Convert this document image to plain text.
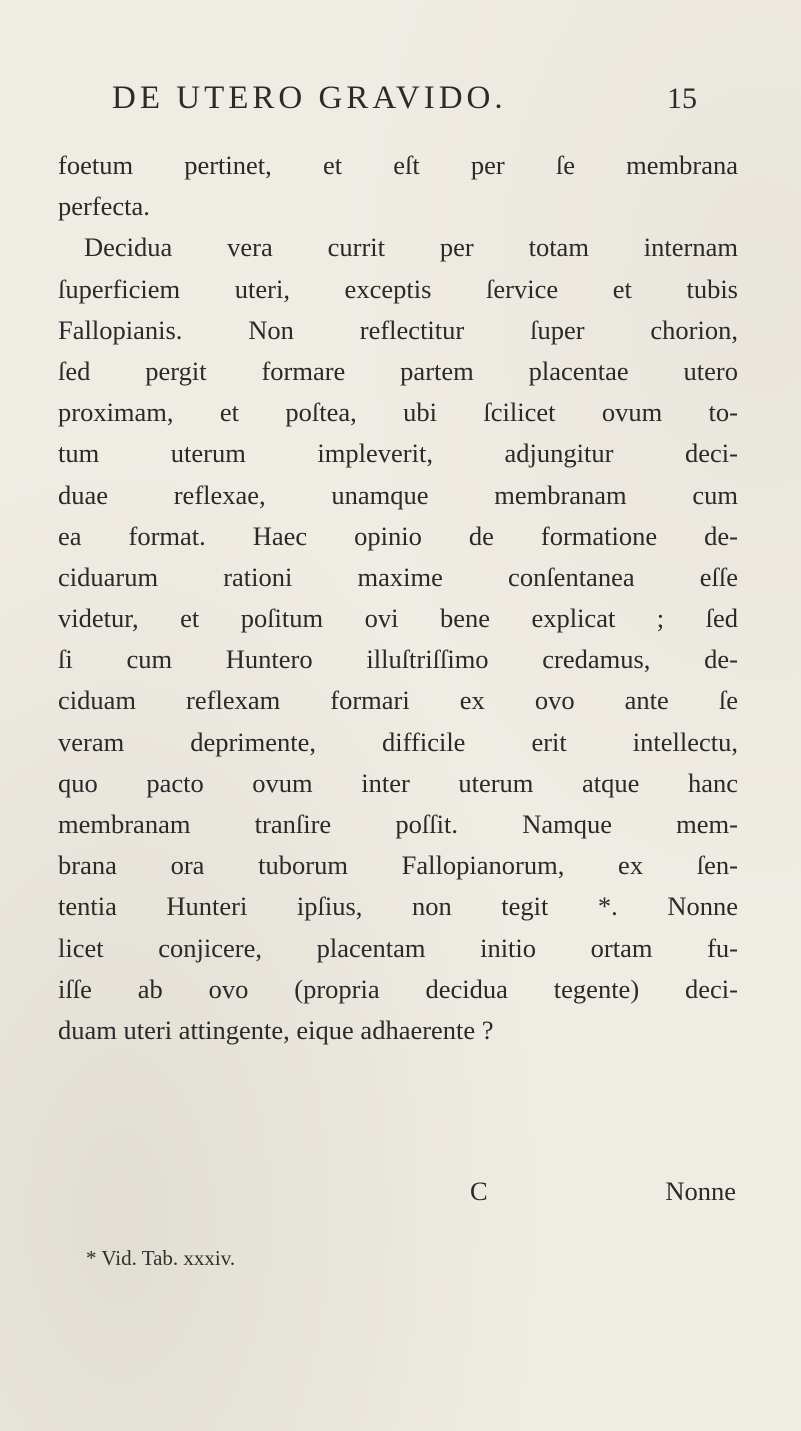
DE UTERO GRAVIDO.	15
foetum pertinet, et eſt per ſe membrana
perfecta.
Decidua vera currit per totam internam
ſuperficiem uteri, exceptis ſervice et tubis
Fallopianis. Non reflectitur ſuper chorion,
ſed pergit formare partem placentae utero
proximam, et poſtea, ubi ſcilicet ovum to-
tum uterum impleverit, adjungitur deci-
duae reflexae, unamque membranam cum
ea format. Haec opinio de formatione de-
ciduarum rationi maxime conſentanea eſſe
videtur, et poſitum ovi bene explicat ; ſed
ſi cum Huntero illuſtriſſimo credamus, de-
ciduam reflexam formari ex ovo ante ſe
veram deprimente, difficile erit intellectu,
quo pacto ovum inter uterum atque hanc
membranam tranſire poſſit. Namque mem-
brana ora tuborum Fallopianorum, ex ſen-
tentia Hunteri ipſius, non tegit *. Nonne
licet conjicere, placentam initio ortam fu-
iſſe ab ovo (propria decidua tegente) deci-
duam uteri attingente, eique adhaerente ?
C	Nonne
* Vid. Tab. xxxiv.
